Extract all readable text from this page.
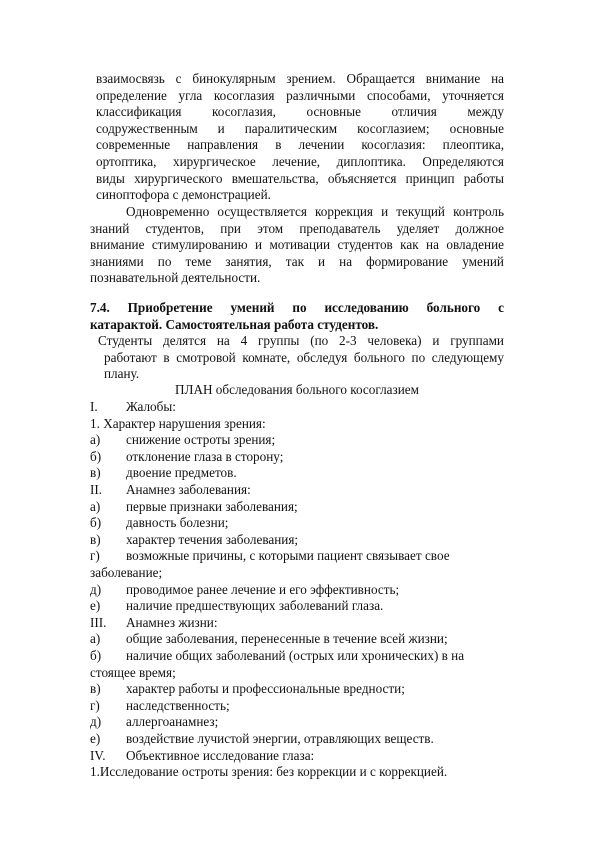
взаимосвязь с бинокулярным зрением. Обращается внимание на
определение угла косоглазия различными способами, уточняется
классификация косоглазия, основные отличия между
содружественным и паралитическим косоглазием; основные
современные направления в лечении косоглазия: плеоптика,
ортоптика, хирургическое лечение, диплоптика. Определяются
виды хирургического вмешательства, объясняется принцип работы
синоптофора с демонстрацией.
Одновременно осуществляется коррекция и текущий контроль
знаний студентов, при этом преподаватель уделяет должное
внимание стимулированию и мотивации студентов как на овладение
знаниями по теме занятия, так и на формирование умений
познавательной деятельности.
7.4. Приобретение умений по исследованию больного с
катарактой. Самостоятельная работа студентов.
Студенты делятся на 4 группы (по 2-3 человека) и группами
работают в смотровой комнате, обследуя больного по следующему
плану.
ПЛАН обследования больного косоглазием
I. Жалобы:
1. Характер нарушения зрения:
а) снижение остроты зрения;
б) отклонение глаза в сторону;
в) двоение предметов.
II. Анамнез заболевания:
а) первые признаки заболевания;
б) давность болезни;
в) характер течения заболевания;
г) возможные причины, с которыми пациент связывает свое
заболевание;
д) проводимое ранее лечение и его эффективность;
е) наличие предшествующих заболеваний глаза.
III. Анамнез жизни:
а) общие заболевания, перенесенные в течение всей жизни;
б) наличие общих заболеваний (острых или хронических) в на
стоящее время;
в) характер работы и профессиональные вредности;
г) наследственность;
д) аллергоанамнез;
е) воздействие лучистой энергии, отравляющих веществ.
IV. Объективное исследование глаза:
1.Исследование остроты зрения: без коррекции и с коррекцией.
